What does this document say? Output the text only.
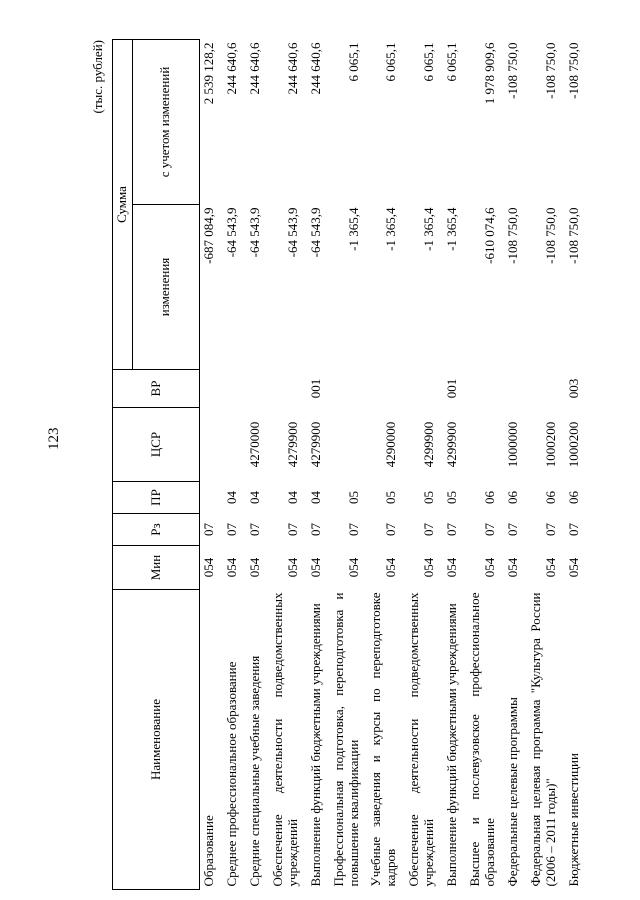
123
(тыс. рублей)
Наименование	Мин	Рз	ПР	ЦСР	ВР	Сумма	
						изменения	с учетом изменений
Образование	054	07				-687 084,9	2 539 128,2
Среднее профессиональное образование	054	07	04			-64 543,9	244 640,6
Средние специальные учебные заведения	054	07	04	4270000		-64 543,9	244 640,6
Обеспечение деятельности подведомственных учреждений	054	07	04	4279900		-64 543,9	244 640,6
Выполнение функций бюджетными учреждениями	054	07	04	4279900	001	-64 543,9	244 640,6
Профессиональная подготовка, переподготовка и повышение квалификации	054	07	05			-1 365,4	6 065,1
Учебные заведения и курсы по переподготовке кадров	054	07	05	4290000		-1 365,4	6 065,1
Обеспечение деятельности подведомственных учреждений	054	07	05	4299900		-1 365,4	6 065,1
Выполнение функций бюджетными учреждениями	054	07	05	4299900	001	-1 365,4	6 065,1
Высшее и послевузовское профессиональное образование	054	07	06			-610 074,6	1 978 909,6
Федеральные целевые программы	054	07	06	1000000		-108 750,0	-108 750,0
Федеральная целевая программа "Культура России (2006 – 2011 годы)"	054	07	06	1000200		-108 750,0	-108 750,0
Бюджетные инвестиции	054	07	06	1000200	003	-108 750,0	-108 750,0
